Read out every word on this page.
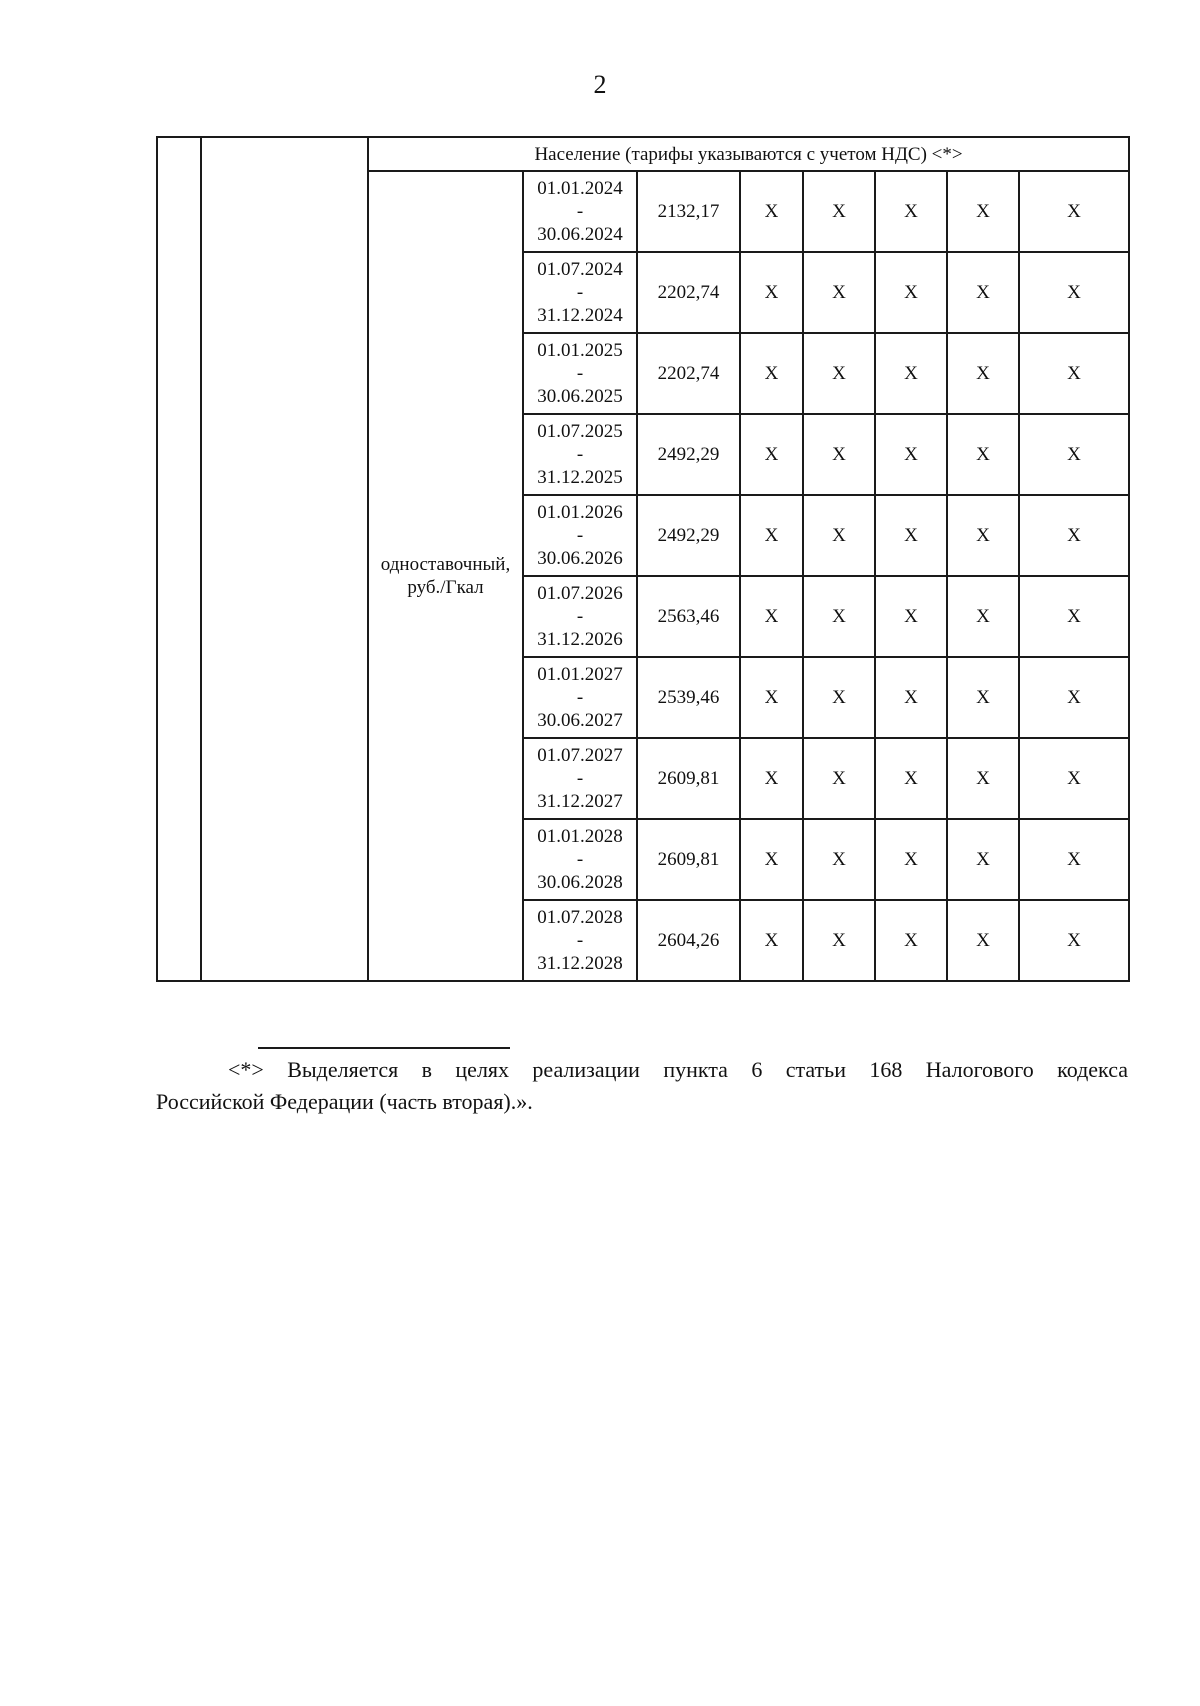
2
		Население (тарифы указываются с учетом НДС) <*>							
		одноставочный, руб./Гкал	01.01.2024
-
30.06.2024	2132,17	X	X	X	X	X

			01.07.2024
-
31.12.2024	2202,74	X	X	X	X	X

			01.01.2025
-
30.06.2025	2202,74	X	X	X	X	X

			01.07.2025
-
31.12.2025	2492,29	X	X	X	X	X

			01.01.2026
-
30.06.2026	2492,29	X	X	X	X	X

			01.07.2026
-
31.12.2026	2563,46	X	X	X	X	X

			01.01.2027
-
30.06.2027	2539,46	X	X	X	X	X

			01.07.2027
-
31.12.2027	2609,81	X	X	X	X	X

			01.01.2028
-
30.06.2028	2609,81	X	X	X	X	X

			01.07.2028
-
31.12.2028	2604,26	X	X	X	X	X
<*> Выделяется в целях реализации пункта 6 статьи 168 Налогового кодекса
Российской Федерации (часть вторая).».
